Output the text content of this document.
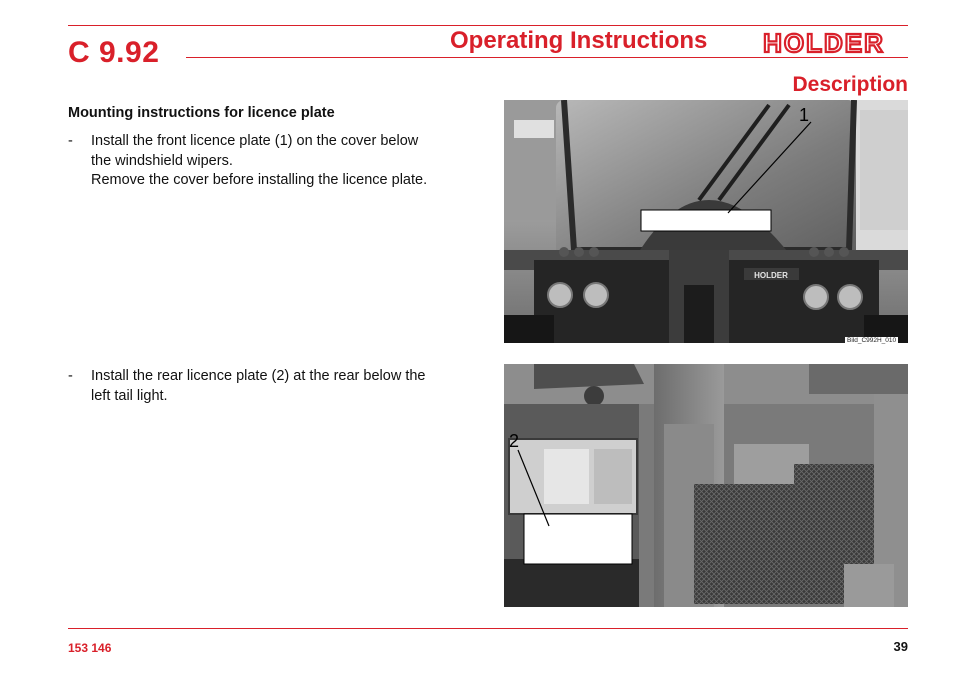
C 9.92	Operating Instructions HOLDER
Description
Mounting instructions for licence plate
- Install the front licence plate (1) on the cover below
the windshield wipers.
Remove the cover before installing the licence plate.
- Install the rear licence plate (2) at the rear below the
left tail light.
HOLDER
1
Bild_C992H_010
2
153 146	39
